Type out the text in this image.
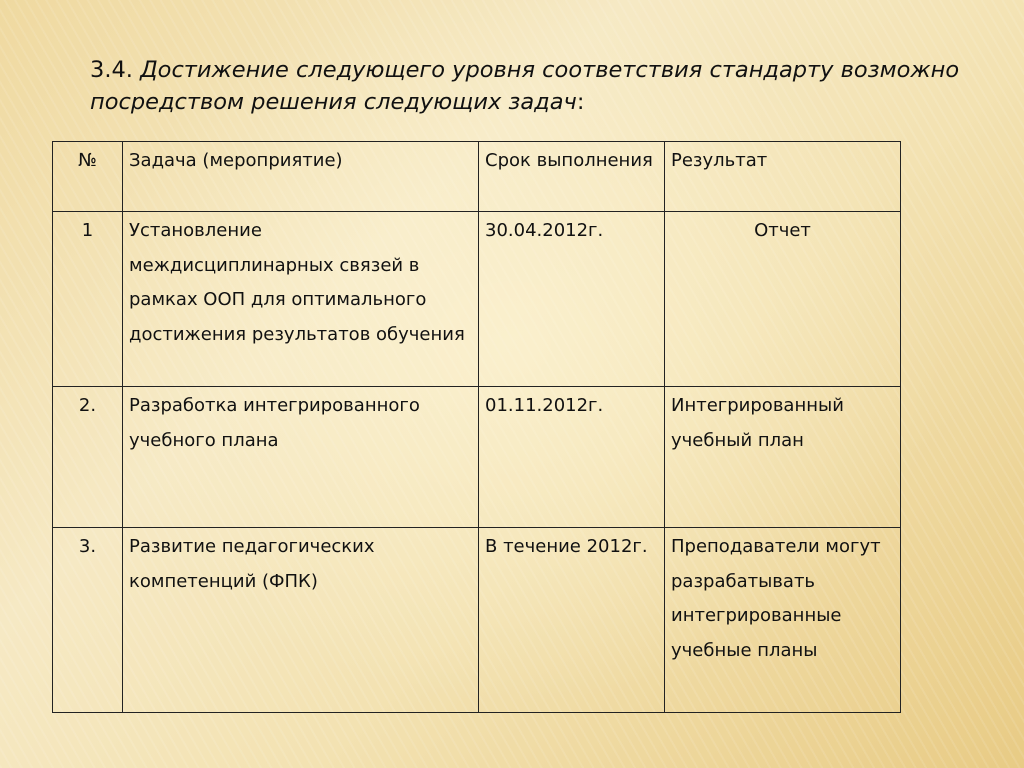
3.4. Достижение следующего уровня соответствия стандарту возможно посредством решения следующих задач:
№	Задача (мероприятие)	Срок выполнения	Результат
1	Установление междисциплинарных связей в рамках ООП для оптимального достижения результатов обучения	30.04.2012г.	Отчет
2.	Разработка интегрированного учебного плана	01.11.2012г.	Интегрированный учебный план
3.	Развитие педагогических компетенций (ФПК)	В течение 2012г.	Преподаватели могут разрабатывать интегрированные учебные планы
